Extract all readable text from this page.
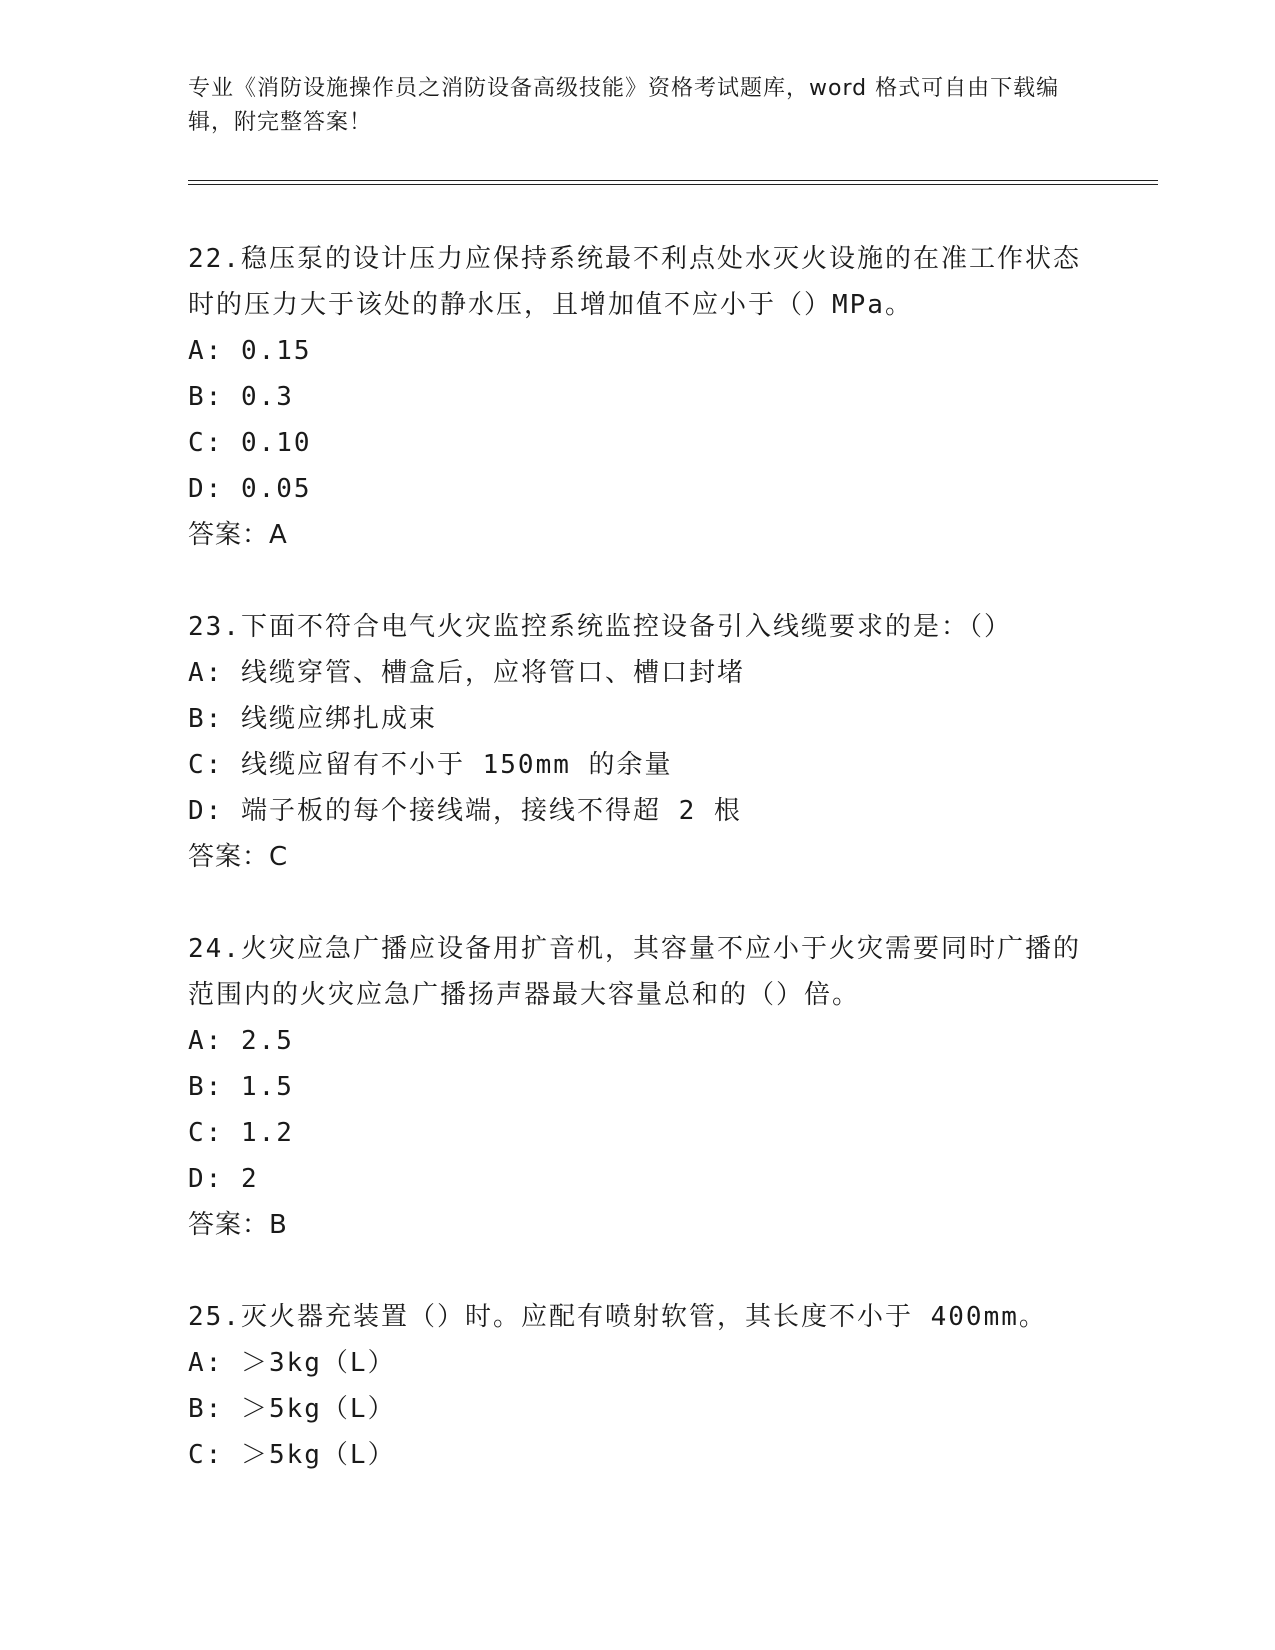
专业《消防设施操作员之消防设备高级技能》资格考试题库，word 格式可自由下载编辑，附完整答案！
22.稳压泵的设计压力应保持系统最不利点处水灭火设施的在准工作状态时的压力大于该处的静水压，且增加值不应小于（）MPa。
A: 0.15
B: 0.3
C: 0.10
D: 0.05
答案：A
23.下面不符合电气火灾监控系统监控设备引入线缆要求的是：（）
A: 线缆穿管、槽盒后，应将管口、槽口封堵
B: 线缆应绑扎成束
C: 线缆应留有不小于 150mm 的余量
D: 端子板的每个接线端，接线不得超 2 根
答案：C
24.火灾应急广播应设备用扩音机，其容量不应小于火灾需要同时广播的范围内的火灾应急广播扬声器最大容量总和的（）倍。
A: 2.5
B: 1.5
C: 1.2
D: 2
答案：B
25.灭火器充装置（）时。应配有喷射软管，其长度不小于 400mm。
A: ＞3kg（L）
B: ＞5kg（L）
C: ＞5kg（L）
